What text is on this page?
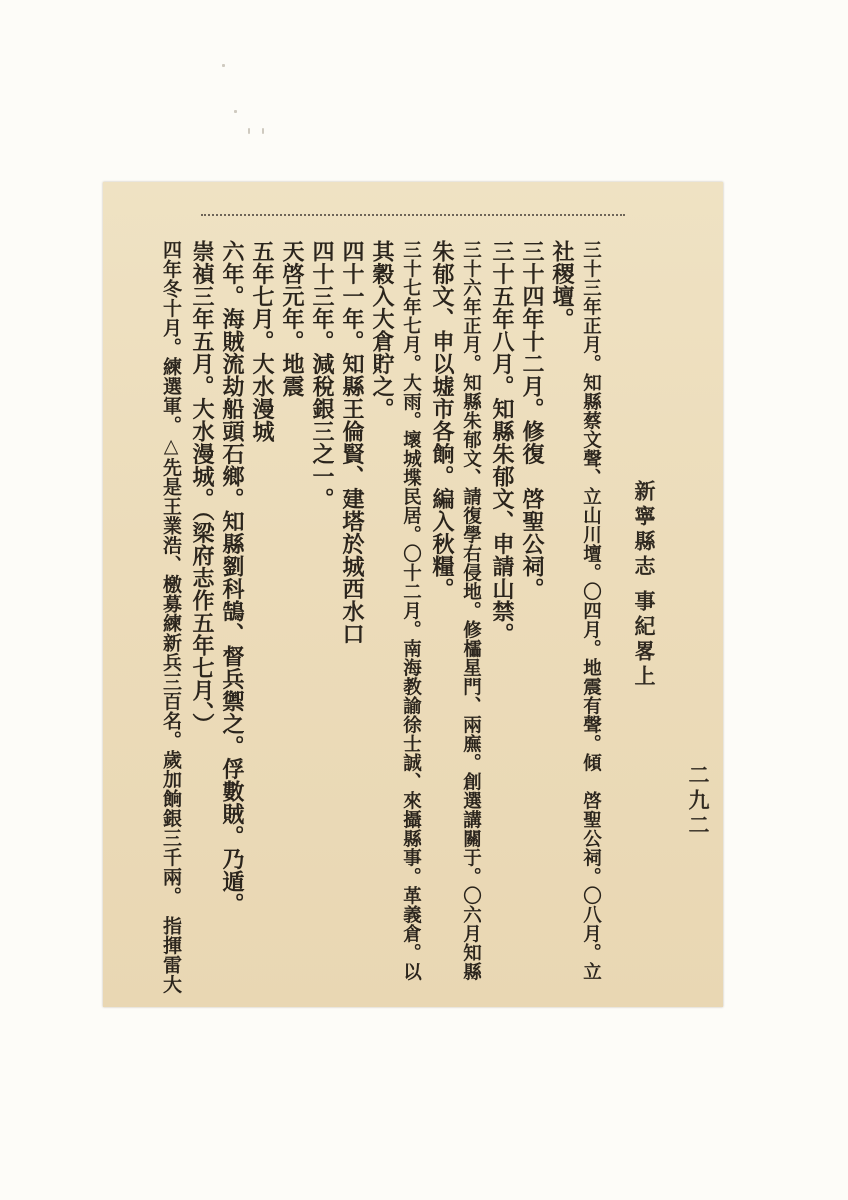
新寧縣志
事紀畧上
二九二
三十三年正月。知縣蔡文聲、立山川壇。〇四月。地震有聲。傾　啓聖公祠。〇八月。立
社稷壇。
三十四年十二月。修復　啓聖公祠。
三十五年八月。知縣朱郁文、申請山禁。
三十六年正月。知縣朱郁文、請復學右侵地。修櫺星門、兩廡。創選講關于。〇六月知縣
朱郁文、申以墟市各餉。編入秋糧。
三十七年七月。大雨。壞城堞民居。〇十二月。南海教諭徐士誠、來攝縣事。革義倉。以
其穀入大倉貯之。
四十一年。知縣王倫賢、建塔於城西水口
四十三年。減稅銀三之一。
天啓元年。地震
五年七月。大水漫城
六年。海賊流劫船頭石鄉。知縣劉科鵠、督兵禦之。俘數賊。乃遁。
崇禎三年五月。大水漫城。（梁府志作五年七月、）
四年冬十月。練選軍。△先是王業浩、檄募練新兵三百名。歲加餉銀三千兩。　指揮雷大
